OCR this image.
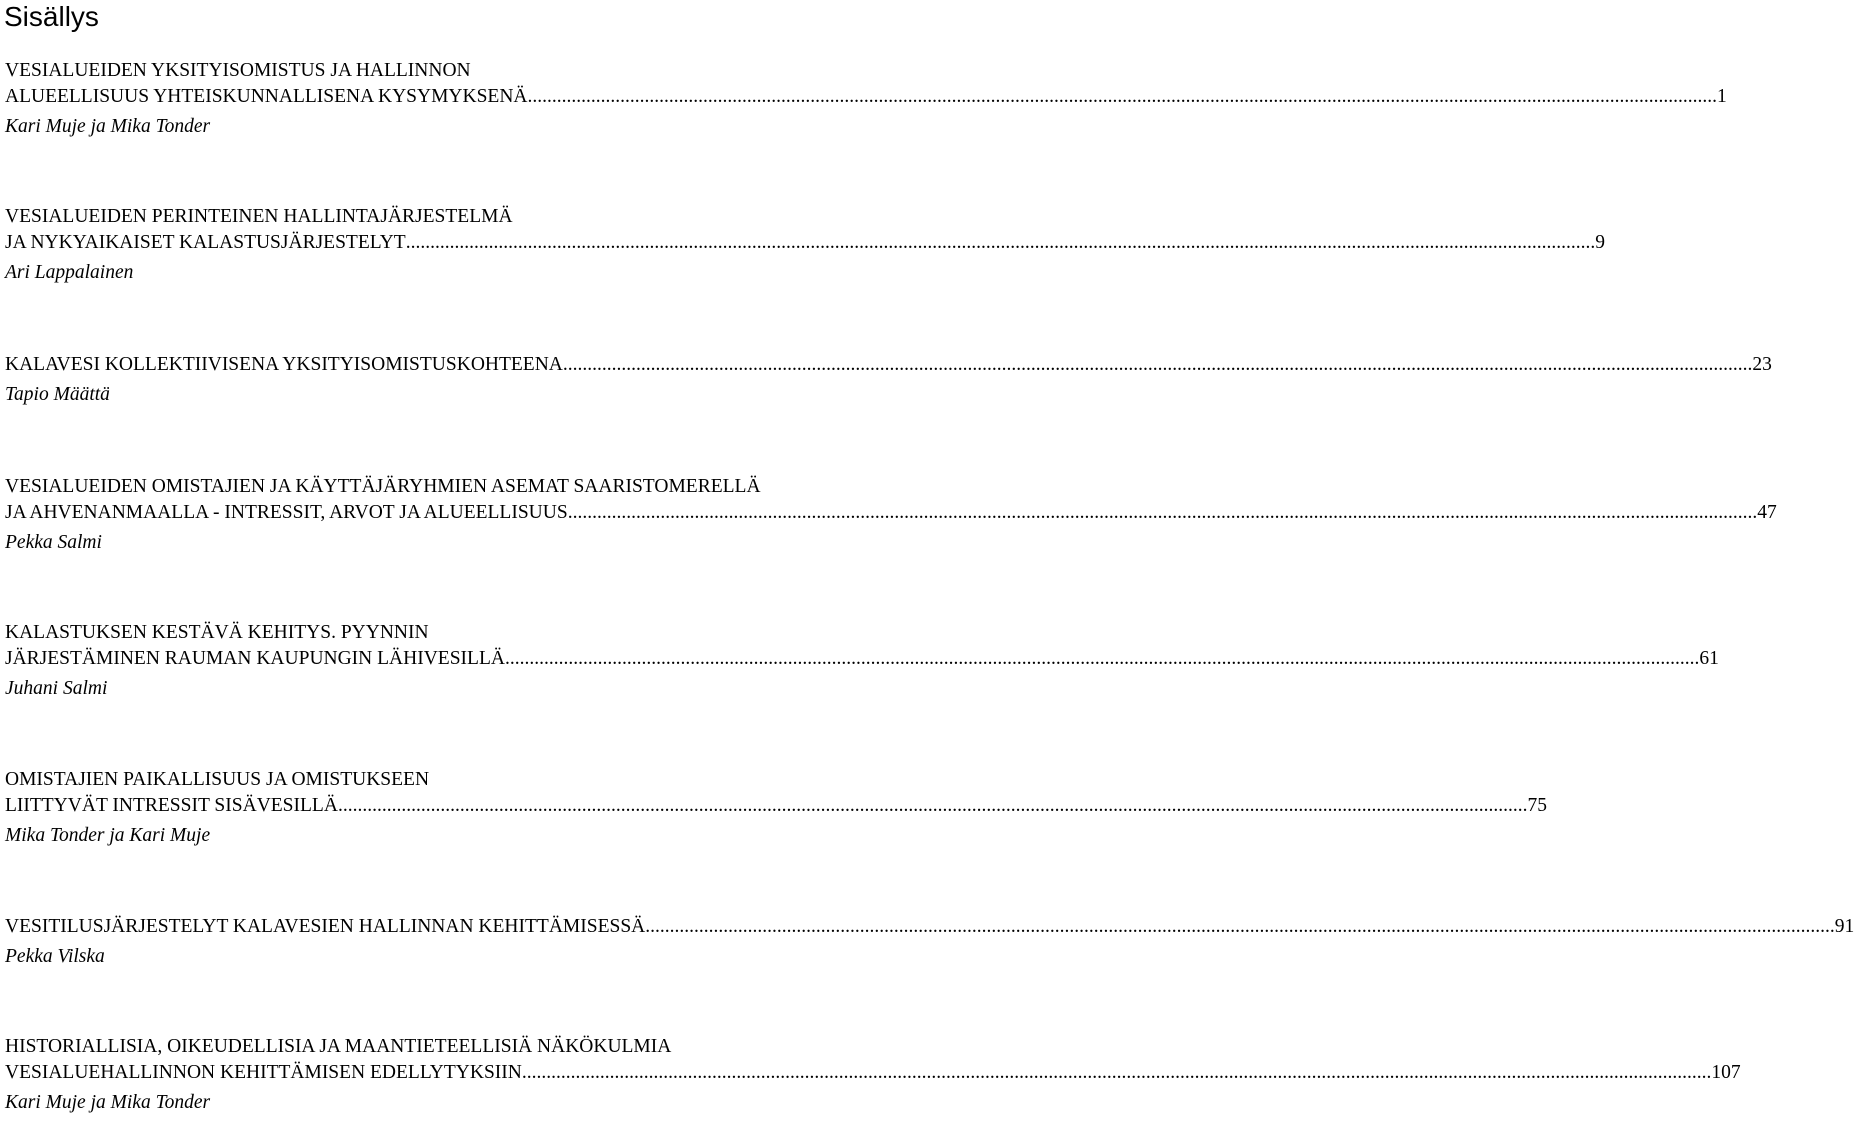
Sisällys
VESIALUEIDEN YKSITYISOMISTUS JA HALLINNON
ALUEELLISUUS YHTEISKUNNALLISENA KYSYMYKSENÄ .....	1
Kari Muje ja Mika Tonder
VESIALUEIDEN PERINTEINEN HALLINTAJÄRJESTELMÄ
JA NYKYAIKAISET KALASTUSJÄRJESTELYT .....	9
Ari Lappalainen
KALAVESI KOLLEKTIIVISENA YKSITYISOMISTUSKOHTEENA .....	23
Tapio Määttä
VESIALUEIDEN OMISTAJIEN JA KÄYTTÄJÄRYHMIEN ASEMAT SAARISTOMERELLÄ
JA AHVENANMAALLA - INTRESSIT, ARVOT JA ALUEELLISUUS .....	47
Pekka Salmi
KALASTUKSEN KESTÄVÄ KEHITYS. PYYNNIN
JÄRJESTÄMINEN RAUMAN KAUPUNGIN LÄHIVESILLÄ. .....	61
Juhani Salmi
OMISTAJIEN PAIKALLISUUS JA OMISTUKSEEN
LIITTYVÄT INTRESSIT SISÄVESILLÄ .....	75
Mika Tonder ja Kari Muje
VESITILUSJÄRJESTELYT KALAVESIEN HALLINNAN KEHITTÄMISESSÄ .....	91
Pekka Vilska
HISTORIALLISIA, OIKEUDELLISIA JA MAANTIETEELLISIÄ NÄKÖKULMIA
VESIALUEHALLINNON KEHITTÄMISEN EDELLYTYKSIIN .....	107
Kari Muje ja Mika Tonder
